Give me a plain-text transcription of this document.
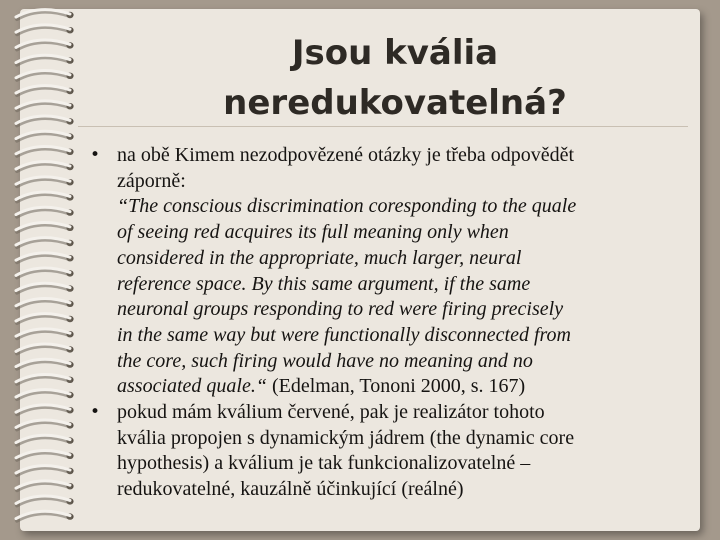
Jsou kvália
neredukovatelná?
• na obě Kimem nezodpovězené otázky je třeba odpovědět
záporně:
“The conscious discrimination coresponding to the quale
of seeing red acquires its full meaning only when
considered in the appropriate, much larger, neural
reference space. By this same argument, if the same
neuronal groups responding to red were firing precisely
in the same way but were functionally disconnected from
the core, such firing would have no meaning and no
associated quale.“ (Edelman, Tononi 2000, s. 167)
• pokud mám kválium červené, pak je realizátor tohoto
kvália propojen s dynamickým jádrem (the dynamic core
hypothesis) a kválium je tak funkcionalizovatelné –
redukovatelné, kauzálně účinkující (reálné)
